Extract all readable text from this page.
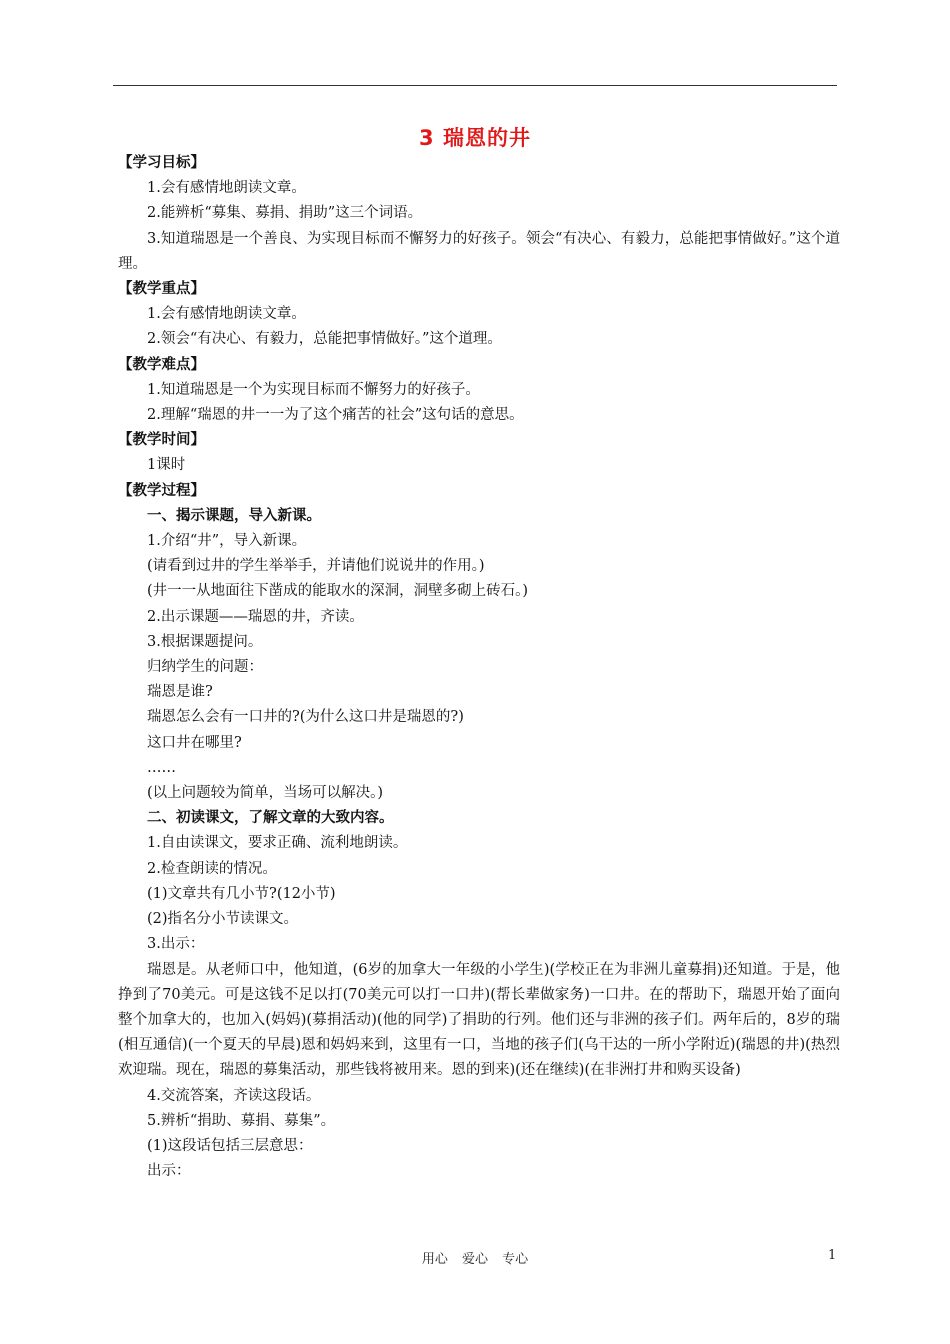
3 瑞恩的井

【学习目标】

1.会有感情地朗读文章。

2.能辨析“募集、募捐、捐助”这三个词语。

3.知道瑞恩是一个善良、为实现目标而不懈努力的好孩子。领会“有决心、有毅力，总能把事情做好。”这个道理。

【教学重点】

1.会有感情地朗读文章。

2.领会“有决心、有毅力，总能把事情做好。”这个道理。

【教学难点】

1.知道瑞恩是一个为实现目标而不懈努力的好孩子。

2.理解“瑞恩的井一一为了这个痛苦的社会”这句话的意思。

【教学时间】

1课时

【教学过程】

一、揭示课题，导入新课。

1.介绍“井”，导入新课。

(请看到过井的学生举举手，并请他们说说井的作用。)

(井一一从地面往下凿成的能取水的深洞，洞壁多砌上砖石。)

2.出示课题——瑞恩的井，齐读。

3.根据课题提问。

归纳学生的问题：

瑞恩是谁?

瑞恩怎么会有一口井的?(为什么这口井是瑞恩的?)

这口井在哪里?

……

(以上问题较为简单，当场可以解决。)

二、初读课文，了解文章的大致内容。

1.自由读课文，要求正确、流利地朗读。

2.检查朗读的情况。

(1)文章共有几小节?(12小节)

(2)指名分小节读课文。

3.出示：

瑞恩是。从老师口中，他知道，(6岁的加拿大一年级的小学生)(学校正在为非洲儿童募捐)还知道。于是，他挣到了70美元。可是这钱不足以打(70美元可以打一口井)(帮长辈做家务)一口井。在的帮助下，瑞恩开始了面向整个加拿大的，也加入(妈妈)(募捐活动)(他的同学)了捐助的行列。他们还与非洲的孩子们。两年后的，8岁的瑞(相互通信)(一个夏天的早晨)恩和妈妈来到，这里有一口，当地的孩子们(乌干达的一所小学附近)(瑞恩的井)(热烈欢迎瑞。现在，瑞恩的募集活动，那些钱将被用来。恩的到来)(还在继续)(在非洲打井和购买设备)

4.交流答案，齐读这段话。

5.辨析“捐助、募捐、募集”。

(1)这段话包括三层意思：

出示：

用心 爱心 专心	1
